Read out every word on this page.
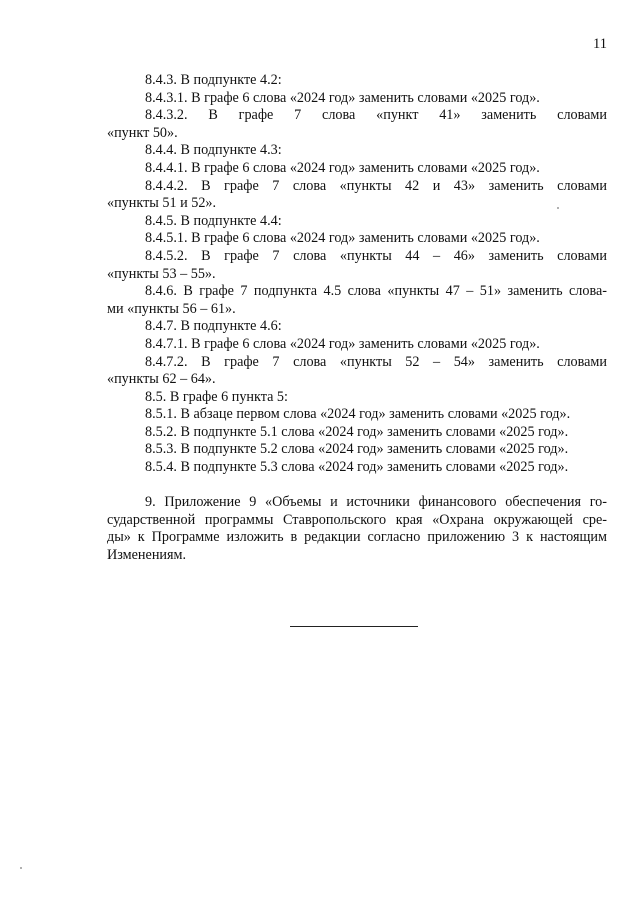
11
8.4.3. В подпункте 4.2:
8.4.3.1. В графе 6 слова «2024 год» заменить словами «2025 год».
8.4.3.2. В графе 7 слова «пункт 41» заменить словами
«пункт 50».
8.4.4. В подпункте 4.3:
8.4.4.1. В графе 6 слова «2024 год» заменить словами «2025 год».
8.4.4.2. В графе 7 слова «пункты 42 и 43» заменить словами
«пункты 51 и 52».
8.4.5. В подпункте 4.4:
8.4.5.1. В графе 6 слова «2024 год» заменить словами «2025 год».
8.4.5.2. В графе 7 слова «пункты 44 – 46» заменить словами
«пункты 53 – 55».
8.4.6. В графе 7 подпункта 4.5 слова «пункты 47 – 51» заменить слова-
ми «пункты 56 – 61».
8.4.7. В подпункте 4.6:
8.4.7.1. В графе 6 слова «2024 год» заменить словами «2025 год».
8.4.7.2. В графе 7 слова «пункты 52 – 54» заменить словами
«пункты 62 – 64».
8.5. В графе 6 пункта 5:
8.5.1. В абзаце первом слова «2024 год» заменить словами «2025 год».
8.5.2. В подпункте 5.1 слова «2024 год» заменить словами «2025 год».
8.5.3. В подпункте 5.2 слова «2024 год» заменить словами «2025 год».
8.5.4. В подпункте 5.3 слова «2024 год» заменить словами «2025 год».
9. Приложение 9 «Объемы и источники финансового обеспечения го-
сударственной программы Ставропольского края «Охрана окружающей сре-
ды» к Программе изложить в редакции согласно приложению 3 к настоящим
Изменениям.
